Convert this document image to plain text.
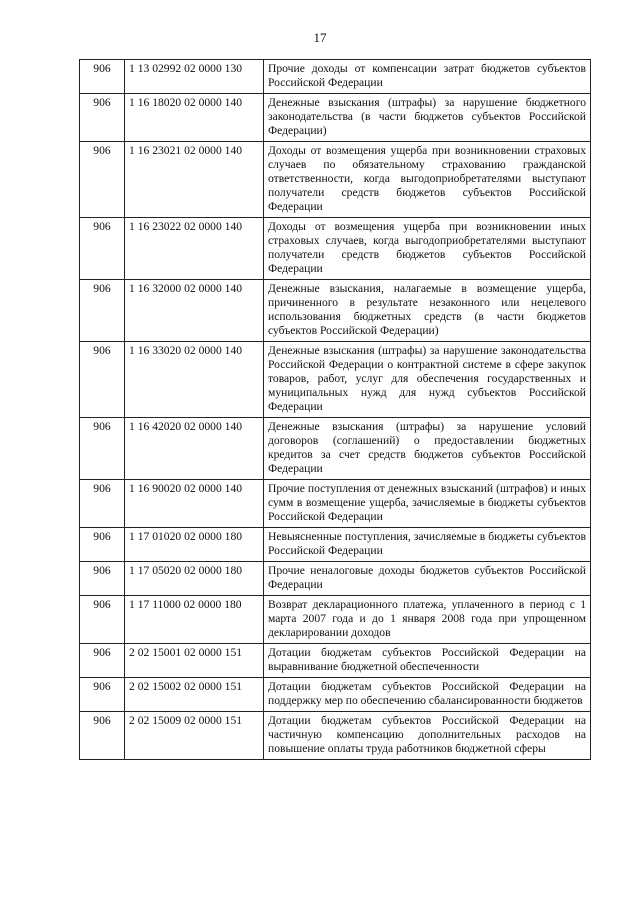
17
906	1 13 02992 02 0000 130	Прочие доходы от компенсации затрат бюджетов субъектов Российской Федерации
906	1 16 18020 02 0000 140	Денежные взыскания (штрафы) за нарушение бюджетного законодательства (в части бюджетов субъектов Российской Федерации)
906	1 16 23021 02 0000 140	Доходы от возмещения ущерба при возникновении страховых случаев по обязательному страхованию гражданской ответственности, когда выгодоприобретателями выступают получатели средств бюджетов субъектов Российской Федерации
906	1 16 23022 02 0000 140	Доходы от возмещения ущерба при возникновении иных страховых случаев, когда выгодоприобретателями выступают получатели средств бюджетов субъектов Российской Федерации
906	1 16 32000 02 0000 140	Денежные взыскания, налагаемые в возмещение ущерба, причиненного в результате незаконного или нецелевого использования бюджетных средств (в части бюджетов субъектов Российской Федерации)
906	1 16 33020 02 0000 140	Денежные взыскания (штрафы) за нарушение законодательства Российской Федерации о контрактной системе в сфере закупок товаров, работ, услуг для обеспечения государственных и муниципальных нужд для нужд субъектов Российской Федерации
906	1 16 42020 02 0000 140	Денежные взыскания (штрафы) за нарушение условий договоров (соглашений) о предоставлении бюджетных кредитов за счет средств бюджетов субъектов Российской Федерации
906	1 16 90020 02 0000 140	Прочие поступления от денежных взысканий (штрафов) и иных сумм в возмещение ущерба, зачисляемые в бюджеты субъектов Российской Федерации
906	1 17 01020 02 0000 180	Невыясненные поступления, зачисляемые в бюджеты субъектов Российской Федерации
906	1 17 05020 02 0000 180	Прочие неналоговые доходы бюджетов субъектов Российской Федерации
906	1 17 11000 02 0000 180	Возврат декларационного платежа, уплаченного в период с 1 марта 2007 года и до 1 января 2008 года при упрощенном декларировании доходов
906	2 02 15001 02 0000 151	Дотации бюджетам субъектов Российской Федерации на выравнивание бюджетной обеспеченности
906	2 02 15002 02 0000 151	Дотации бюджетам субъектов Российской Федерации на поддержку мер по обеспечению сбалансированности бюджетов
906	2 02 15009 02 0000 151	Дотации бюджетам субъектов Российской Федерации на частичную компенсацию дополнительных расходов на повышение оплаты труда работников бюджетной сферы
